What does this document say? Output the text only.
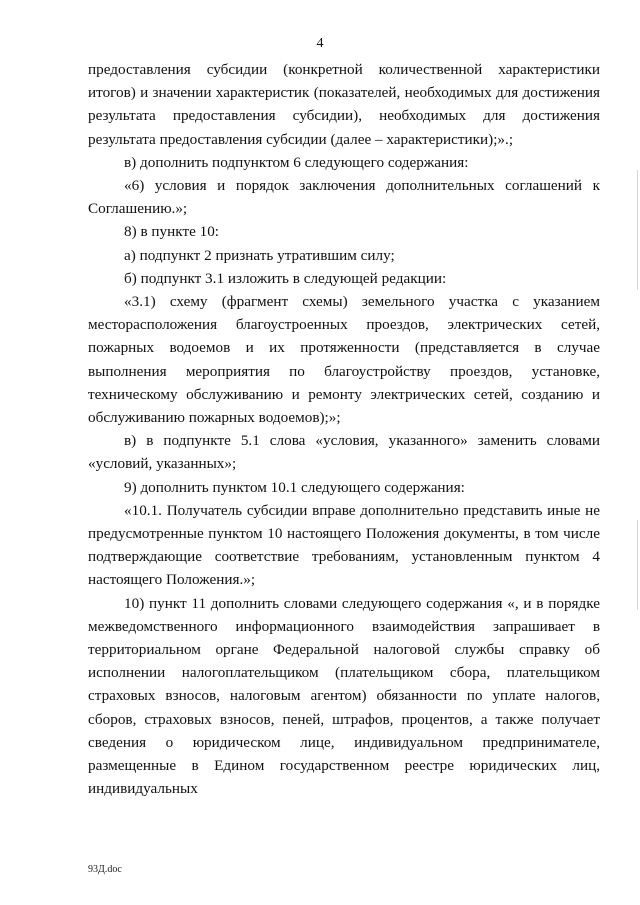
4

предоставления субсидии (конкретной количественной характеристики итогов) и значении характеристик (показателей, необходимых для достижения результата предоставления субсидии), необходимых для достижения результата предоставления субсидии (далее – характеристики);».;

в) дополнить подпунктом 6 следующего содержания:

«6) условия и порядок заключения дополнительных соглашений к Соглашению.»;

8) в пункте 10:

а) подпункт 2 признать утратившим силу;

б) подпункт 3.1 изложить в следующей редакции:

«3.1) схему (фрагмент схемы) земельного участка с указанием месторасположения благоустроенных проездов, электрических сетей, пожарных водоемов и их протяженности (представляется в случае выполнения мероприятия по благоустройству проездов, установке, техническому обслуживанию и ремонту электрических сетей, созданию и обслуживанию пожарных водоемов);»;

в) в подпункте 5.1 слова «условия, указанного» заменить словами «условий, указанных»;

9) дополнить пунктом 10.1 следующего содержания:

«10.1. Получатель субсидии вправе дополнительно представить иные не предусмотренные пунктом 10 настоящего Положения документы, в том числе подтверждающие соответствие требованиям, установленным пунктом 4 настоящего Положения.»;

10) пункт 11 дополнить словами следующего содержания «, и в порядке межведомственного информационного взаимодействия запрашивает в территориальном органе Федеральной налоговой службы справку об исполнении налогоплательщиком (плательщиком сбора, плательщиком страховых взносов, налоговым агентом) обязанности по уплате налогов, сборов, страховых взносов, пеней, штрафов, процентов, а также получает сведения о юридическом лице, индивидуальном предпринимателе, размещенные в Едином государственном реестре юридических лиц, индивидуальных

93Д.doc
